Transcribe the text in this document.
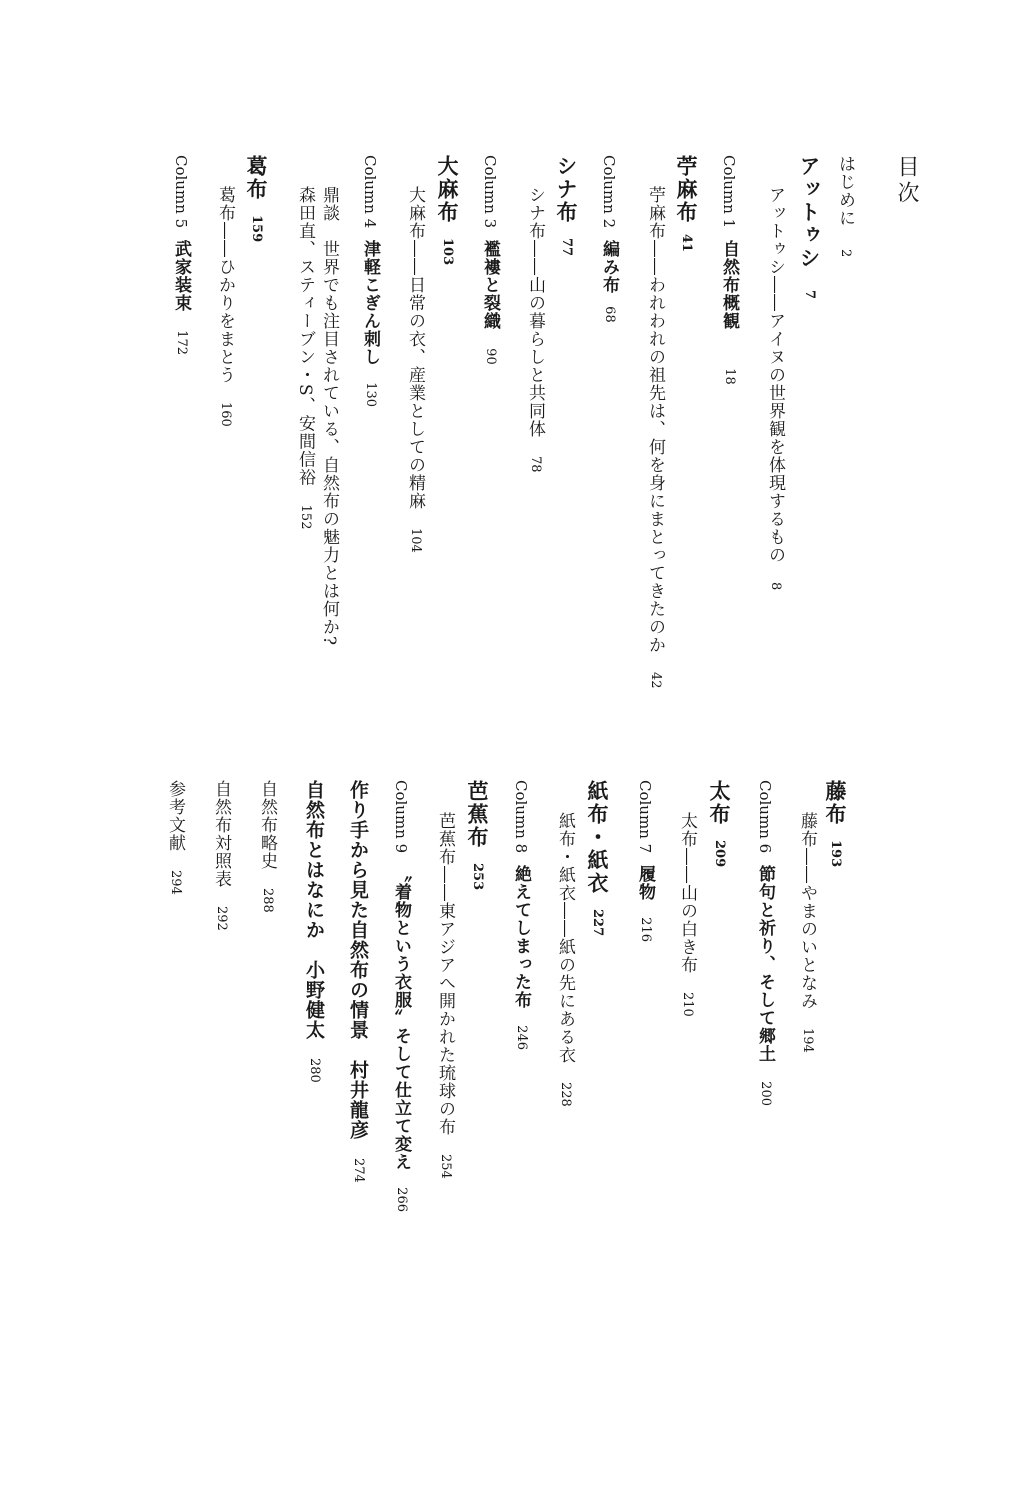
目次
はじめに2
アットゥシ7
アットゥシ――アイヌの世界観を体現するもの8
Column 1自然布概観18
苧麻布41
苧麻布――われわれの祖先は、何を身にまとってきたのか42
Column 2編み布68
シナ布77
シナ布――山の暮らしと共同体78
Column 3襤褸と裂織90
大麻布103
大麻布――日常の衣、産業としての精麻104
Column 4津軽こぎん刺し130
鼎談　世界でも注目されている、自然布の魅力とは何か?
森田直、スティーブン・S、安間信裕152
葛布159
葛布――ひかりをまとう160
Column 5武家装束172
藤布193
藤布――やまのいとなみ194
Column 6節句と祈り、そして郷土200
太布209
太布――山の白き布210
Column 7履物216
紙布・紙衣227
紙布・紙衣――紙の先にある衣228
Column 8絶えてしまった布246
芭蕉布253
芭蕉布――東アジアへ開かれた琉球の布254
Column 9〝着物という衣服〟そして仕立て変え266
作り手から見た自然布の情景　村井龍彦274
自然布とはなにか　小野健太280
自然布略史288
自然布対照表292
参考文献294
